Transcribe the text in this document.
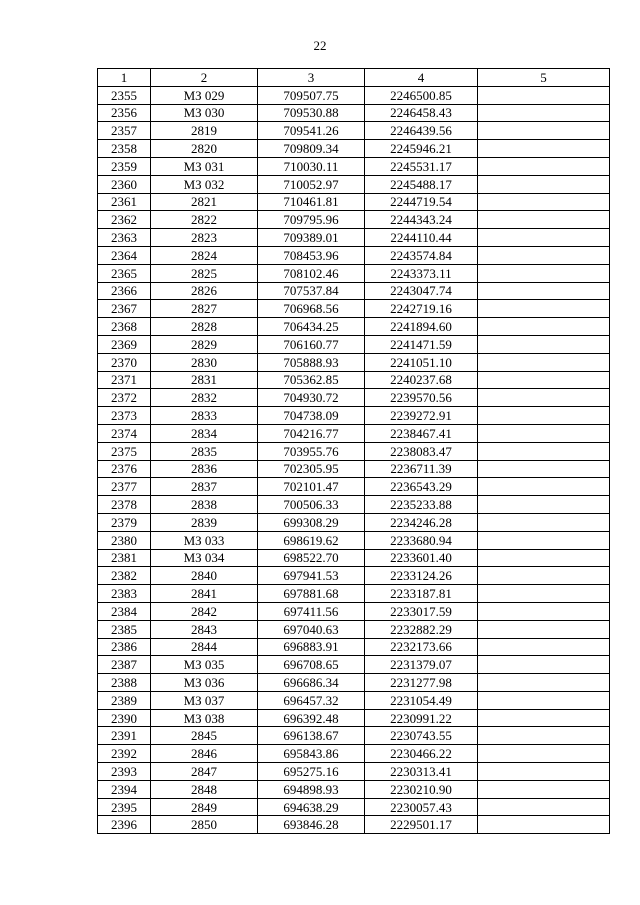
22
1	2	3	4	5
2355	МЗ 029	709507.75	2246500.85	
2356	МЗ 030	709530.88	2246458.43	
2357	2819	709541.26	2246439.56	
2358	2820	709809.34	2245946.21	
2359	МЗ 031	710030.11	2245531.17	
2360	МЗ 032	710052.97	2245488.17	
2361	2821	710461.81	2244719.54	
2362	2822	709795.96	2244343.24	
2363	2823	709389.01	2244110.44	
2364	2824	708453.96	2243574.84	
2365	2825	708102.46	2243373.11	
2366	2826	707537.84	2243047.74	
2367	2827	706968.56	2242719.16	
2368	2828	706434.25	2241894.60	
2369	2829	706160.77	2241471.59	
2370	2830	705888.93	2241051.10	
2371	2831	705362.85	2240237.68	
2372	2832	704930.72	2239570.56	
2373	2833	704738.09	2239272.91	
2374	2834	704216.77	2238467.41	
2375	2835	703955.76	2238083.47	
2376	2836	702305.95	2236711.39	
2377	2837	702101.47	2236543.29	
2378	2838	700506.33	2235233.88	
2379	2839	699308.29	2234246.28	
2380	МЗ 033	698619.62	2233680.94	
2381	МЗ 034	698522.70	2233601.40	
2382	2840	697941.53	2233124.26	
2383	2841	697881.68	2233187.81	
2384	2842	697411.56	2233017.59	
2385	2843	697040.63	2232882.29	
2386	2844	696883.91	2232173.66	
2387	МЗ 035	696708.65	2231379.07	
2388	МЗ 036	696686.34	2231277.98	
2389	МЗ 037	696457.32	2231054.49	
2390	МЗ 038	696392.48	2230991.22	
2391	2845	696138.67	2230743.55	
2392	2846	695843.86	2230466.22	
2393	2847	695275.16	2230313.41	
2394	2848	694898.93	2230210.90	
2395	2849	694638.29	2230057.43	
2396	2850	693846.28	2229501.17	
